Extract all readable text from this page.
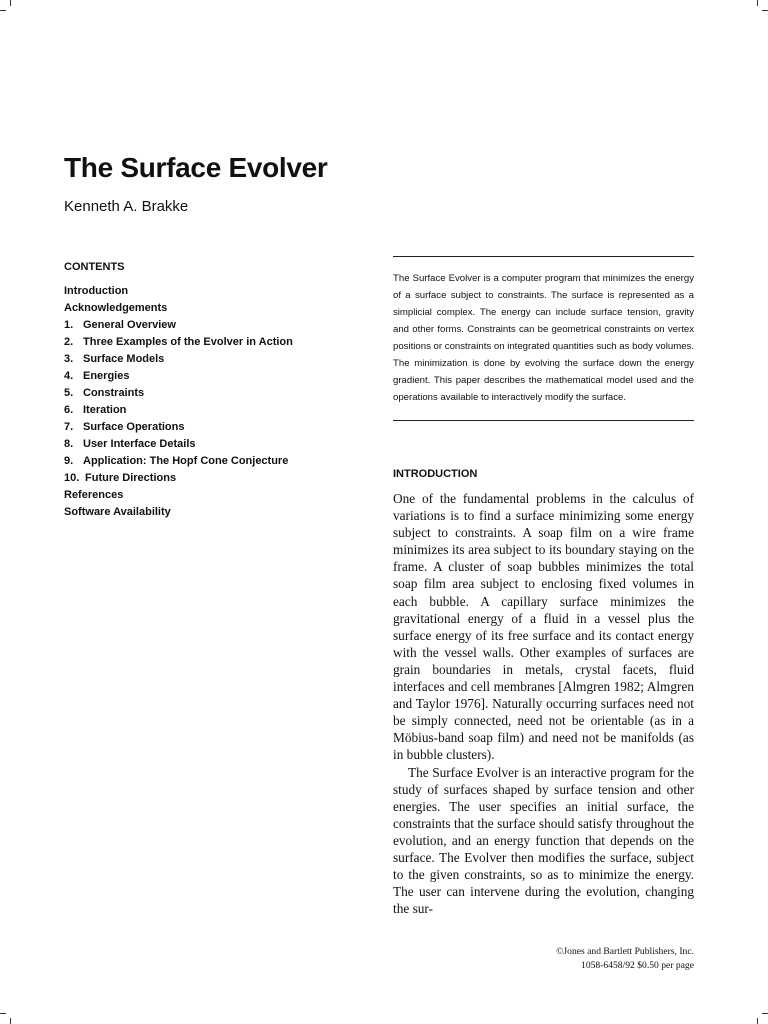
The Surface Evolver
Kenneth A. Brakke
CONTENTS
Introduction
Acknowledgements
1. General Overview
2. Three Examples of the Evolver in Action
3. Surface Models
4. Energies
5. Constraints
6. Iteration
7. Surface Operations
8. User Interface Details
9. Application: The Hopf Cone Conjecture
10. Future Directions
References
Software Availability

The Surface Evolver is a computer program that minimizes the energy of a surface subject to constraints. The surface is represented as a simplicial complex. The energy can include surface tension, gravity and other forms. Constraints can be geometrical constraints on vertex positions or constraints on integrated quantities such as body volumes. The minimization is done by evolving the surface down the energy gradient. This paper describes the mathematical model used and the operations available to interactively modify the surface.

INTRODUCTION

One of the fundamental problems in the calculus of variations is to find a surface minimizing some energy subject to constraints. A soap film on a wire frame minimizes its area subject to its boundary staying on the frame. A cluster of soap bubbles minimizes the total soap film area subject to enclosing fixed volumes in each bubble. A capillary surface minimizes the gravitational energy of a fluid in a vessel plus the surface energy of its free surface and its contact energy with the vessel walls. Other examples of surfaces are grain boundaries in metals, crystal facets, fluid interfaces and cell membranes [Almgren 1982; Almgren and Taylor 1976]. Naturally occurring surfaces need not be simply connected, need not be orientable (as in a Möbius-band soap film) and need not be manifolds (as in bubble clusters).

The Surface Evolver is an interactive program for the study of surfaces shaped by surface tension and other energies. The user specifies an initial surface, the constraints that the surface should satisfy throughout the evolution, and an energy function that depends on the surface. The Evolver then modifies the surface, subject to the given constraints, so as to minimize the energy. The user can intervene during the evolution, changing the sur-

©Jones and Bartlett Publishers, Inc.
1058-6458/92 $0.50 per page
